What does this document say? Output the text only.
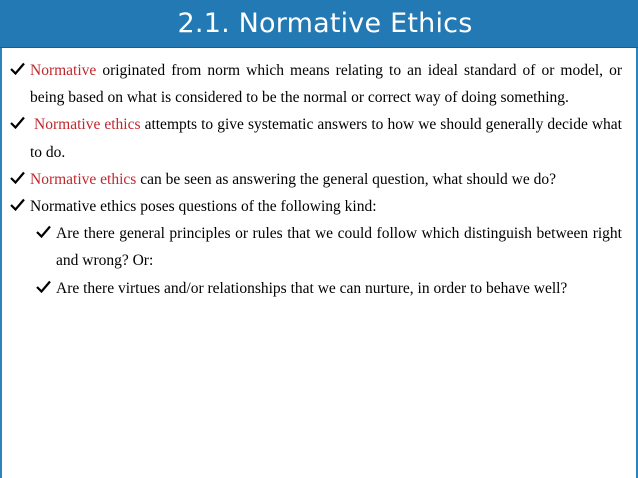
2.1. Normative Ethics
Normative originated from norm which means relating to an ideal standard of or model, or being based on what is considered to be the normal or correct way of doing something.
Normative ethics attempts to give systematic answers to how we should generally decide what to do.
Normative ethics can be seen as answering the general question, what should we do?
Normative ethics poses questions of the following kind:
Are there general principles or rules that we could follow which distinguish between right and wrong? Or:
Are there virtues and/or relationships that we can nurture, in order to behave well?
